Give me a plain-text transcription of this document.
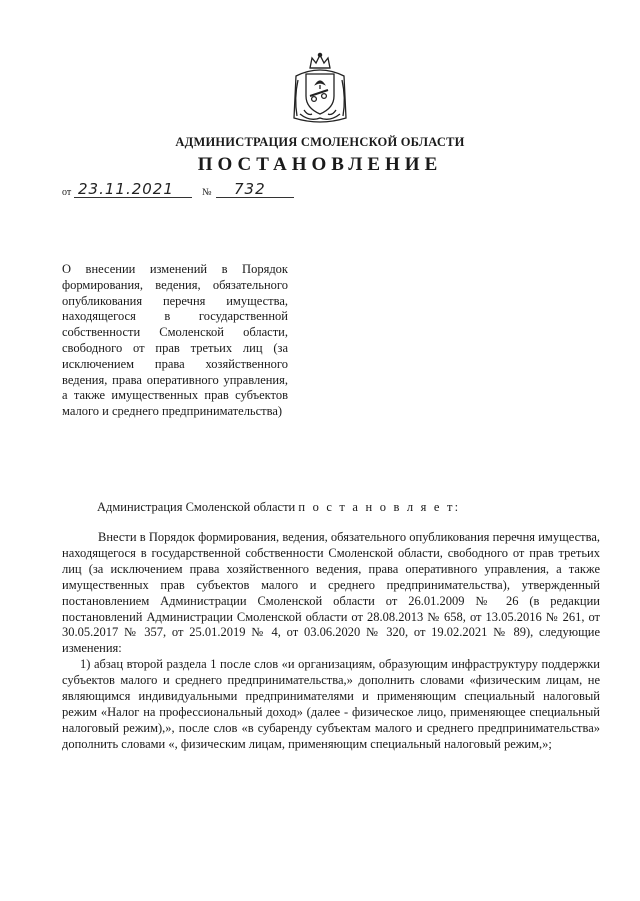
АДМИНИСТРАЦИЯ СМОЛЕНСКОЙ ОБЛАСТИ
ПОСТАНОВЛЕНИЕ
от 23.11.2021	№ 732
О внесении изменений в Порядок формирования, ведения, обязательного опубликования перечня имущества, находящегося в государственной собственности Смоленской области, свободного от прав третьих лиц (за исключением права хозяйственного ведения, права оперативного управления, а также имущественных прав субъектов малого и среднего предпринимательства)
Администрация Смоленской области п о с т а н о в л я е т:

Внести в Порядок формирования, ведения, обязательного опубликования перечня имущества, находящегося в государственной собственности Смоленской области, свободного от прав третьих лиц (за исключением права хозяйственного ведения, права оперативного управления, а также имущественных прав субъектов малого и среднего предпринимательства), утвержденный постановлением Администрации Смоленской области от 26.01.2009 № 26 (в редакции постановлений Администрации Смоленской области от 28.08.2013 № 658, от 13.05.2016 № 261, от 30.05.2017 № 357, от 25.01.2019 № 4, от 03.06.2020 № 320, от 19.02.2021 № 89), следующие изменения:

1) абзац второй раздела 1 после слов «и организациям, образующим инфраструктуру поддержки субъектов малого и среднего предпринимательства,» дополнить словами «физическим лицам, не являющимся индивидуальными предпринимателями и применяющим специальный налоговый режим «Налог на профессиональный доход» (далее - физическое лицо, применяющее специальный налоговый режим),», после слов «в субаренду субъектам малого и среднего предпринимательства» дополнить словами «, физическим лицам, применяющим специальный налоговый режим,»;
